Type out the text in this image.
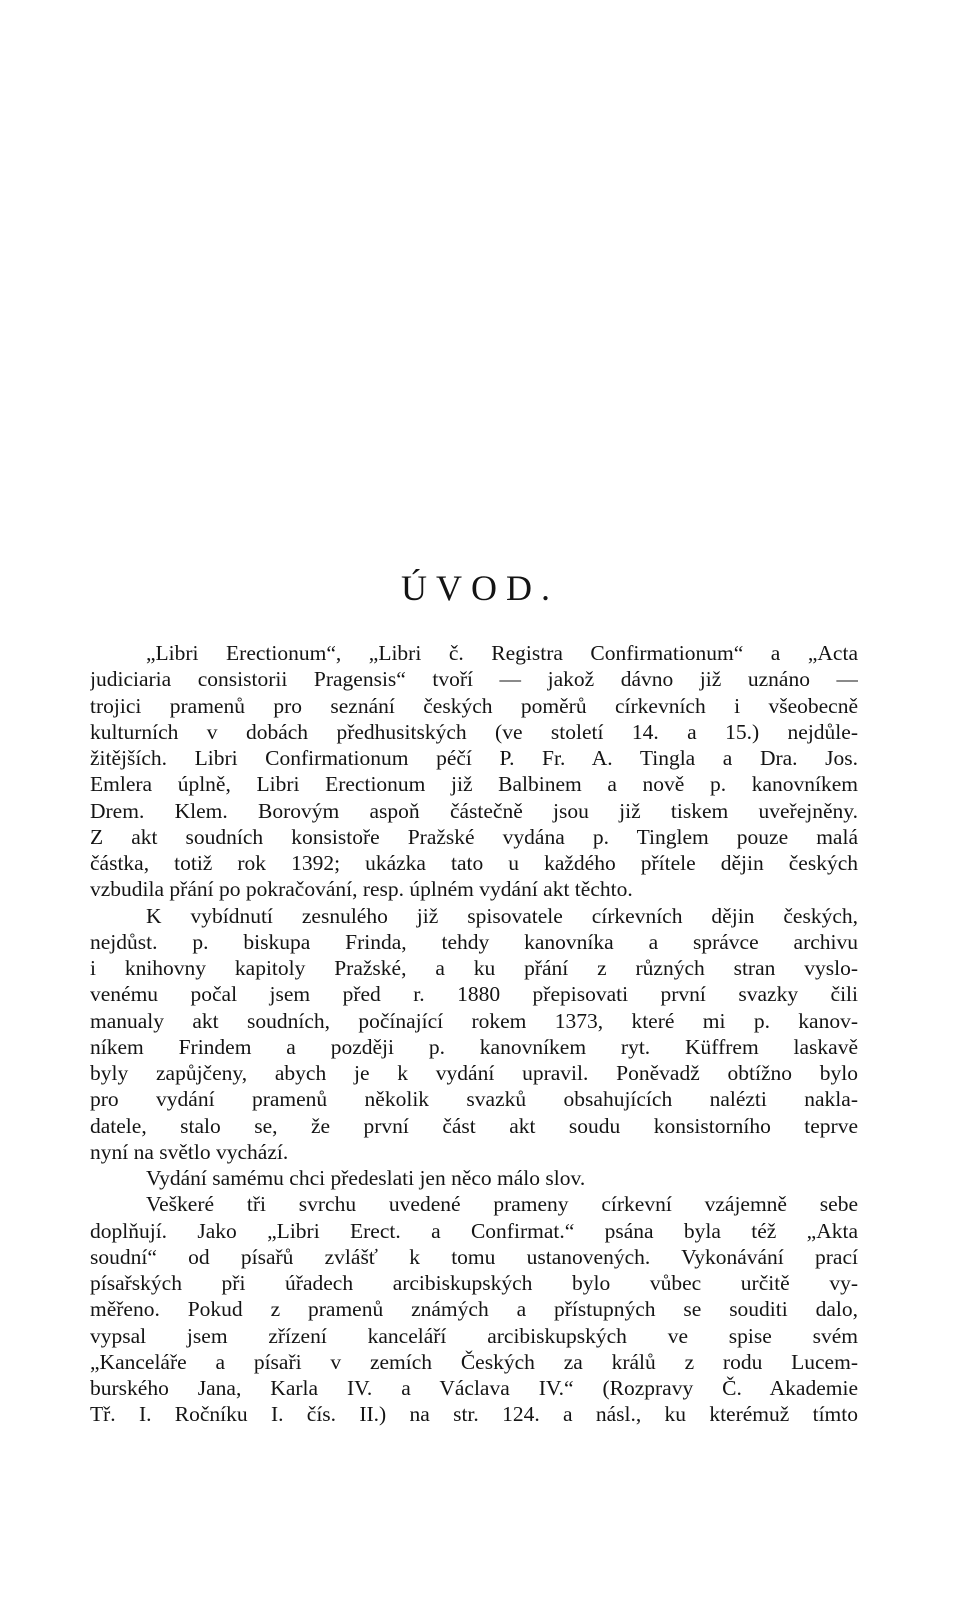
ÚVOD.
„Libri Erectionum“, „Libri č. Registra Confirmationum“ a „Acta
judiciaria consistorii Pragensis“ tvoří — jakož dávno již uznáno —
trojici pramenů pro seznání českých poměrů církevních i všeobecně
kulturních v dobách předhusitských (ve století 14. a 15.) nejdůle-
žitějších. Libri Confirmationum péčí P. Fr. A. Tingla a Dra. Jos.
Emlera úplně, Libri Erectionum již Balbinem a nově p. kanovníkem
Drem. Klem. Borovým aspoň částečně jsou již tiskem uveřejněny.
Z akt soudních konsistoře Pražské vydána p. Tinglem pouze malá
částka, totiž rok 1392; ukázka tato u každého přítele dějin českých
vzbudila přání po pokračování, resp. úplném vydání akt těchto.
K vybídnutí zesnulého již spisovatele církevních dějin českých,
nejdůst. p. biskupa Frinda, tehdy kanovníka a správce archivu
i knihovny kapitoly Pražské, a ku přání z různých stran vyslo-
venému počal jsem před r. 1880 přepisovati první svazky čili
manualy akt soudních, počínající rokem 1373, které mi p. kanov-
níkem Frindem a později p. kanovníkem ryt. Küffrem laskavě
byly zapůjčeny, abych je k vydání upravil. Poněvadž obtížno bylo
pro vydání pramenů několik svazků obsahujících nalézti nakla-
datele, stalo se, že první část akt soudu konsistorního teprve
nyní na světlo vychází.
Vydání samému chci předeslati jen něco málo slov.
Veškeré tři svrchu uvedené prameny církevní vzájemně sebe
doplňují. Jako „Libri Erect. a Confirmat.“ psána byla též „Akta
soudní“ od písařů zvlášť k tomu ustanovených. Vykonávání prací
písařských při úřadech arcibiskupských bylo vůbec určitě vy-
měřeno. Pokud z pramenů známých a přístupných se souditi dalo,
vypsal jsem zřízení kanceláří arcibiskupských ve spise svém
„Kanceláře a písaři v zemích Českých za králů z rodu Lucem-
burského Jana, Karla IV. a Václava IV.“ (Rozpravy Č. Akademie
Tř. I. Ročníku I. čís. II.) na str. 124. a násl., ku kterémuž tímto
